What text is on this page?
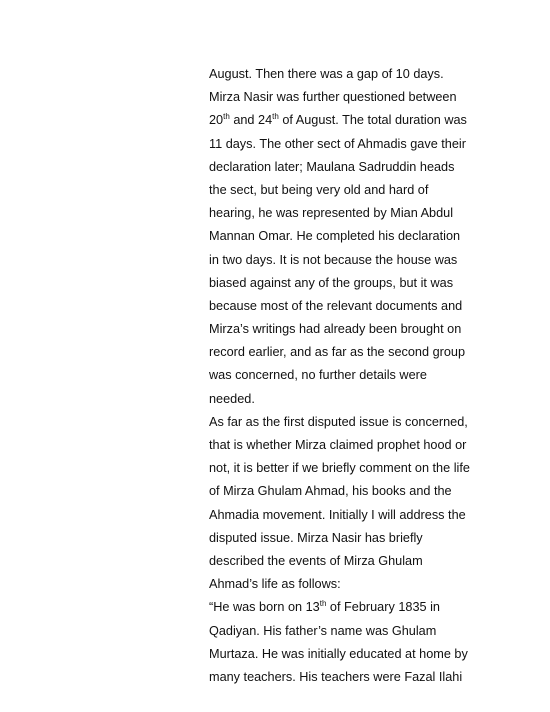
August. Then there was a gap of 10 days.
Mirza Nasir was further questioned between
20th and 24th of August. The total duration was
11 days. The other sect of Ahmadis gave their
declaration later; Maulana Sadruddin heads
the sect, but being very old and hard of
hearing, he was represented by Mian Abdul
Mannan Omar. He completed his declaration
in two days. It is not because the house was
biased against any of the groups, but it was
because most of the relevant documents and
Mirza’s writings had already been brought on
record earlier, and as far as the second group
was concerned, no further details were
needed.
As far as the first disputed issue is concerned,
that is whether Mirza claimed prophet hood or
not, it is better if we briefly comment on the life
of Mirza Ghulam Ahmad, his books and the
Ahmadia movement. Initially I will address the
disputed issue. Mirza Nasir has briefly
described the events of Mirza Ghulam
Ahmad’s life as follows:
“He was born on 13th of February 1835 in
Qadiyan. His father’s name was Ghulam
Murtaza. He was initially educated at home by
many teachers. His teachers were Fazal Ilahi
